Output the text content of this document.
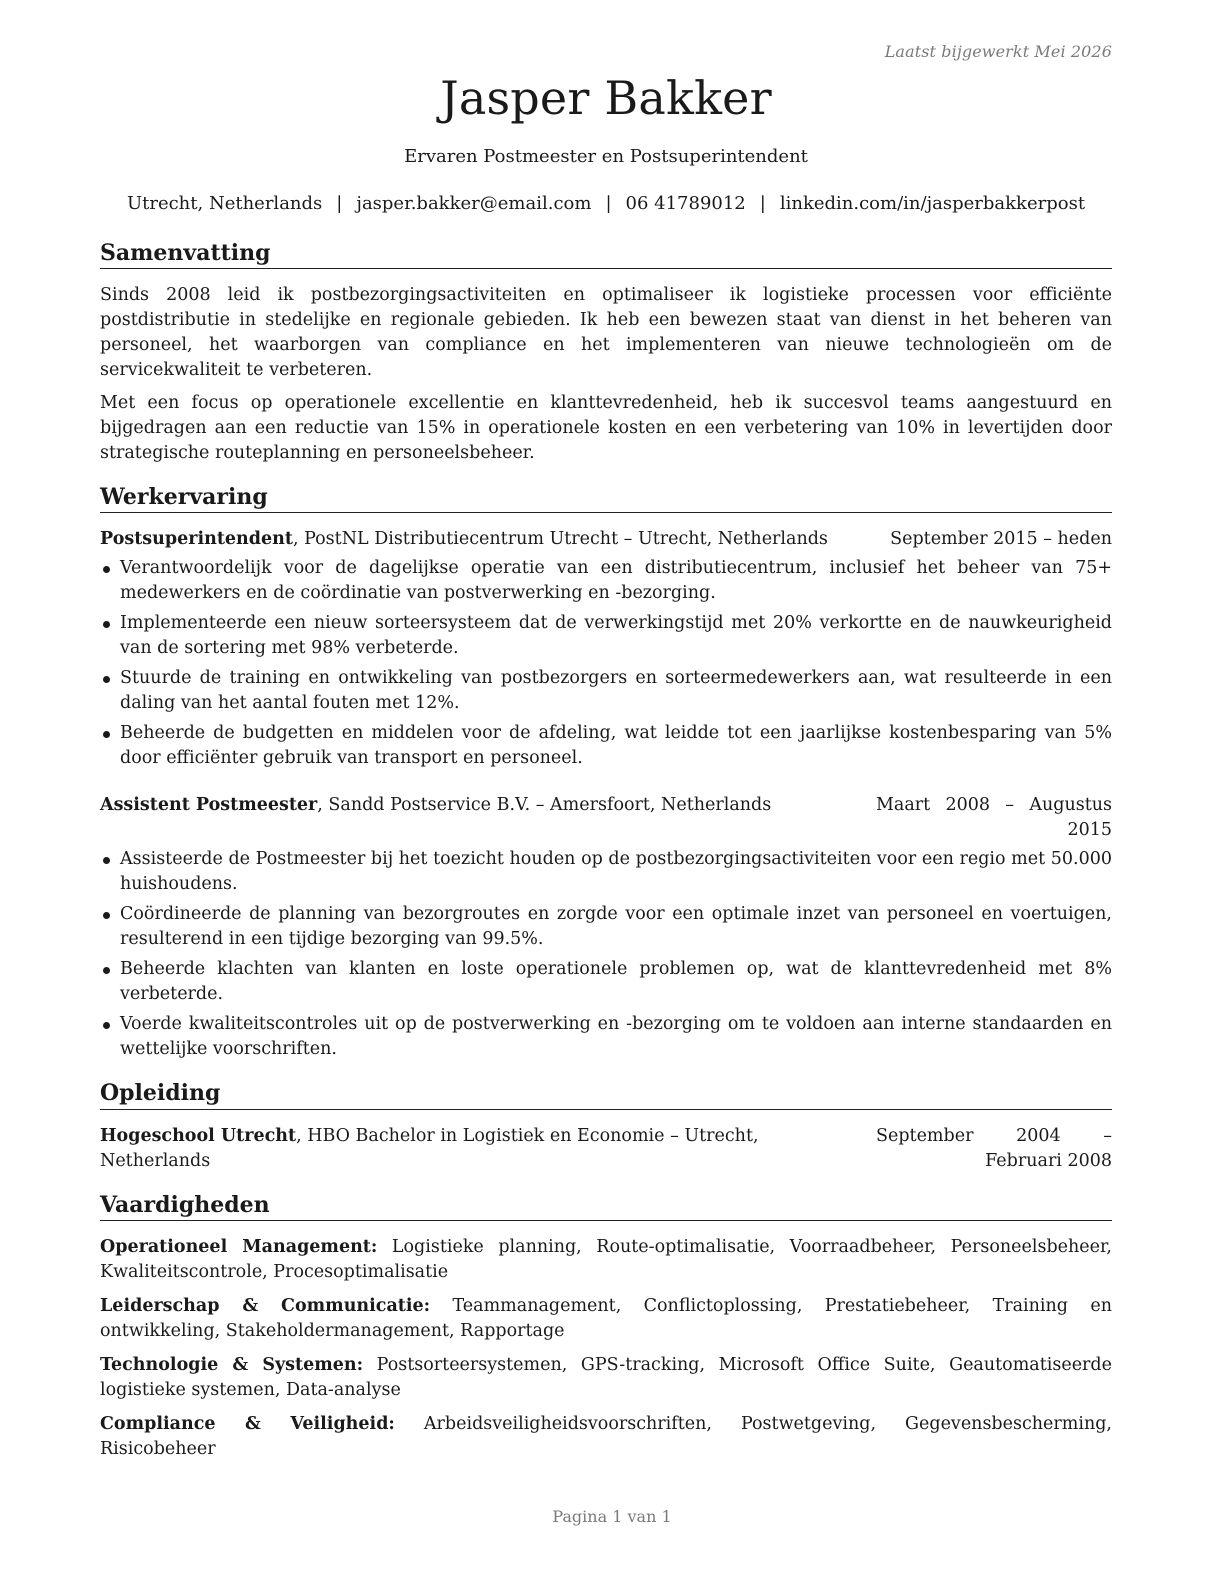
Laatst bijgewerkt Mei 2026
Jasper Bakker
Ervaren Postmeester en Postsuperintendent
Utrecht, Netherlands | jasper.bakker@email.com | 06 41789012 | linkedin.com/in/jasperbakkerpost
Samenvatting

Sinds 2008 leid ik postbezorgingsactiviteiten en optimaliseer ik logistieke processen voor efficiënte postdistributie in stedelijke en regionale gebieden. Ik heb een bewezen staat van dienst in het beheren van personeel, het waarborgen van compliance en het implementeren van nieuwe technologieën om de servicekwaliteit te verbeteren.

Met een focus op operationele excellentie en klanttevredenheid, heb ik succesvol teams aangestuurd en bijgedragen aan een reductie van 15% in operationele kosten en een verbetering van 10% in levertijden door strategische routeplanning en personeelsbeheer.

Werkervaring
Postsuperintendent, PostNL Distributiecentrum Utrecht – Utrecht, Netherlands	September 2015 – heden
Verantwoordelijk voor de dagelijkse operatie van een distributiecentrum, inclusief het beheer van 75+ medewerkers en de coördinatie van postverwerking en -bezorging.
Implementeerde een nieuw sorteersysteem dat de verwerkingstijd met 20% verkortte en de nauwkeurigheid van de sortering met 98% verbeterde.
Stuurde de training en ontwikkeling van postbezorgers en sorteermedewerkers aan, wat resulteerde in een daling van het aantal fouten met 12%.
Beheerde de budgetten en middelen voor de afdeling, wat leidde tot een jaarlijkse kostenbesparing van 5% door efficiënter gebruik van transport en personeel.
Assistent Postmeester, Sandd Postservice B.V. – Amersfoort, Netherlands	Maart 2008 – Augustus 2015
Assisteerde de Postmeester bij het toezicht houden op de postbezorgingsactiviteiten voor een regio met 50.000 huishoudens.
Coördineerde de planning van bezorgroutes en zorgde voor een optimale inzet van personeel en voertuigen, resulterend in een tijdige bezorging van 99.5%.
Beheerde klachten van klanten en loste operationele problemen op, wat de klanttevredenheid met 8% verbeterde.
Voerde kwaliteitscontroles uit op de postverwerking en -bezorging om te voldoen aan interne standaarden en wettelijke voorschriften.
Opleiding
Hogeschool Utrecht, HBO Bachelor in Logistiek en Economie – Utrecht, Netherlands
September 2004 – Februari 2008
Vaardigheden

Operationeel Management: Logistieke planning, Route-optimalisatie, Voorraadbeheer, Personeelsbeheer, Kwaliteitscontrole, Procesoptimalisatie

Leiderschap & Communicatie: Teammanagement, Conflictoplossing, Prestatiebeheer, Training en ontwikkeling, Stakeholdermanagement, Rapportage

Technologie & Systemen: Postsorteersystemen, GPS-tracking, Microsoft Office Suite, Geautomatiseerde logistieke systemen, Data-analyse

Compliance & Veiligheid: Arbeidsveiligheidsvoorschriften, Postwetgeving, Gegevensbescherming, Risicobeheer

Pagina 1 van 1
